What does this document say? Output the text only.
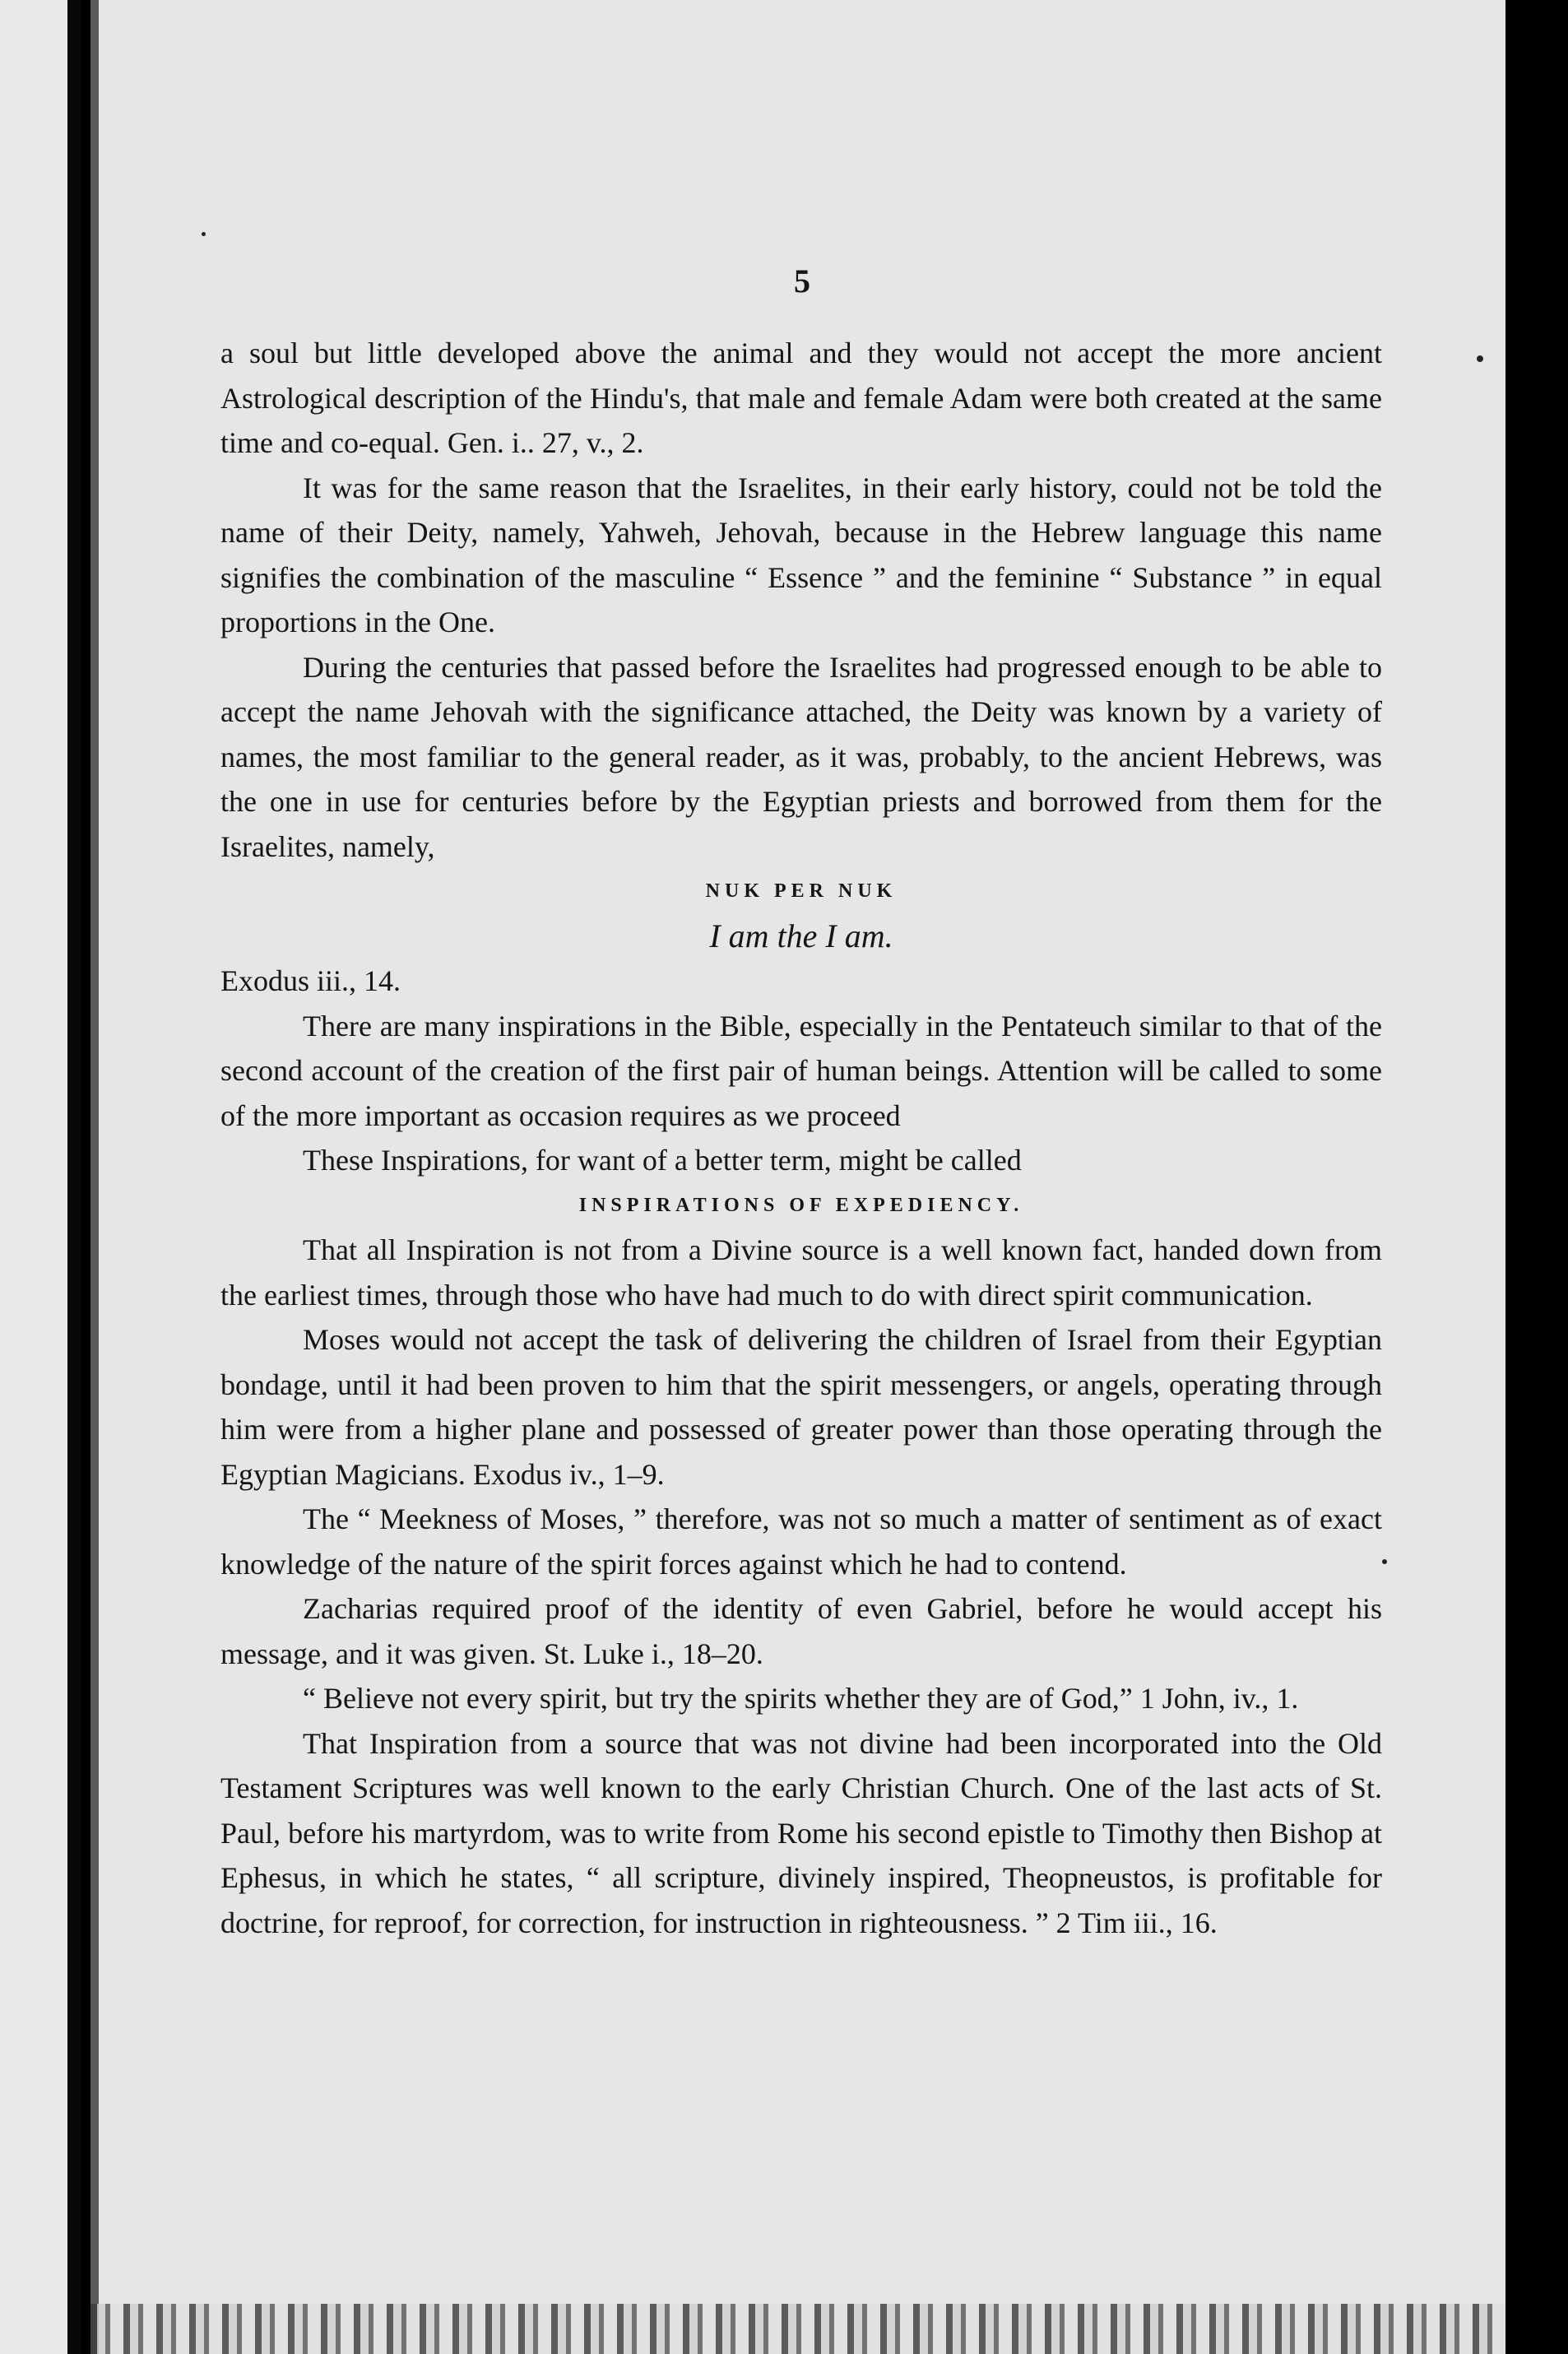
5

a soul but little developed above the animal and they would not accept the more ancient Astrological description of the Hindu's, that male and female Adam were both created at the same time and co-equal. Gen. i.. 27, v., 2.

It was for the same reason that the Israelites, in their early history, could not be told the name of their Deity, namely, Yahweh, Jehovah, because in the Hebrew language this name signifies the combination of the masculine “ Essence ” and the feminine “ Substance ” in equal proportions in the One.

During the centuries that passed before the Israelites had progressed enough to be able to accept the name Jehovah with the significance attached, the Deity was known by a variety of names, the most familiar to the general reader, as it was, probably, to the ancient Hebrews, was the one in use for centuries before by the Egyptian priests and borrowed from them for the Israelites, namely,

NUK PER NUK

I am the I am.

Exodus iii., 14.

There are many inspirations in the Bible, especially in the Pentateuch similar to that of the second account of the creation of the first pair of human beings. Attention will be called to some of the more important as occasion requires as we proceed

These Inspirations, for want of a better term, might be called

INSPIRATIONS OF EXPEDIENCY.

That all Inspiration is not from a Divine source is a well known fact, handed down from the earliest times, through those who have had much to do with direct spirit communication.

Moses would not accept the task of delivering the children of Israel from their Egyptian bondage, until it had been proven to him that the spirit messengers, or angels, operating through him were from a higher plane and possessed of greater power than those operating through the Egyptian Magicians. Exodus iv., 1–9.

The “ Meekness of Moses, ” therefore, was not so much a matter of sentiment as of exact knowledge of the nature of the spirit forces against which he had to contend.

Zacharias required proof of the identity of even Gabriel, before he would accept his message, and it was given. St. Luke i., 18–20.

“ Believe not every spirit, but try the spirits whether they are of God,” 1 John, iv., 1.

That Inspiration from a source that was not divine had been incorporated into the Old Testament Scriptures was well known to the early Christian Church. One of the last acts of St. Paul, before his martyrdom, was to write from Rome his second epistle to Timothy then Bishop at Ephesus, in which he states, “ all scripture, divinely inspired, Theopneustos, is profitable for doctrine, for reproof, for correction, for instruction in righteousness. ” 2 Tim iii., 16.
